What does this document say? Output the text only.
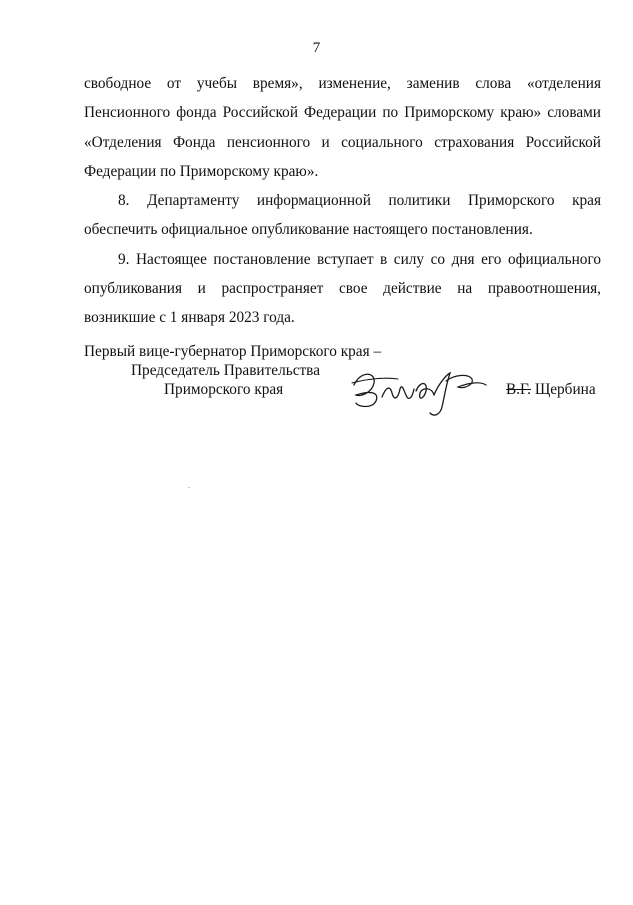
7

свободное от учебы время», изменение, заменив слова «отделения Пенсионного фонда Российской Федерации по Приморскому краю» словами «Отделения Фонда пенсионного и социального страхования Российской Федерации по Приморскому краю».

8. Департаменту информационной политики Приморского края обеспечить официальное опубликование настоящего постановления.

9. Настоящее постановление вступает в силу со дня его официального опубликования и распространяет свое действие на правоотношения, возникшие с 1 января 2023 года.

Первый вице-губернатор Приморского края –
Председатель Правительства
Приморского края	В.Г. Щербина
